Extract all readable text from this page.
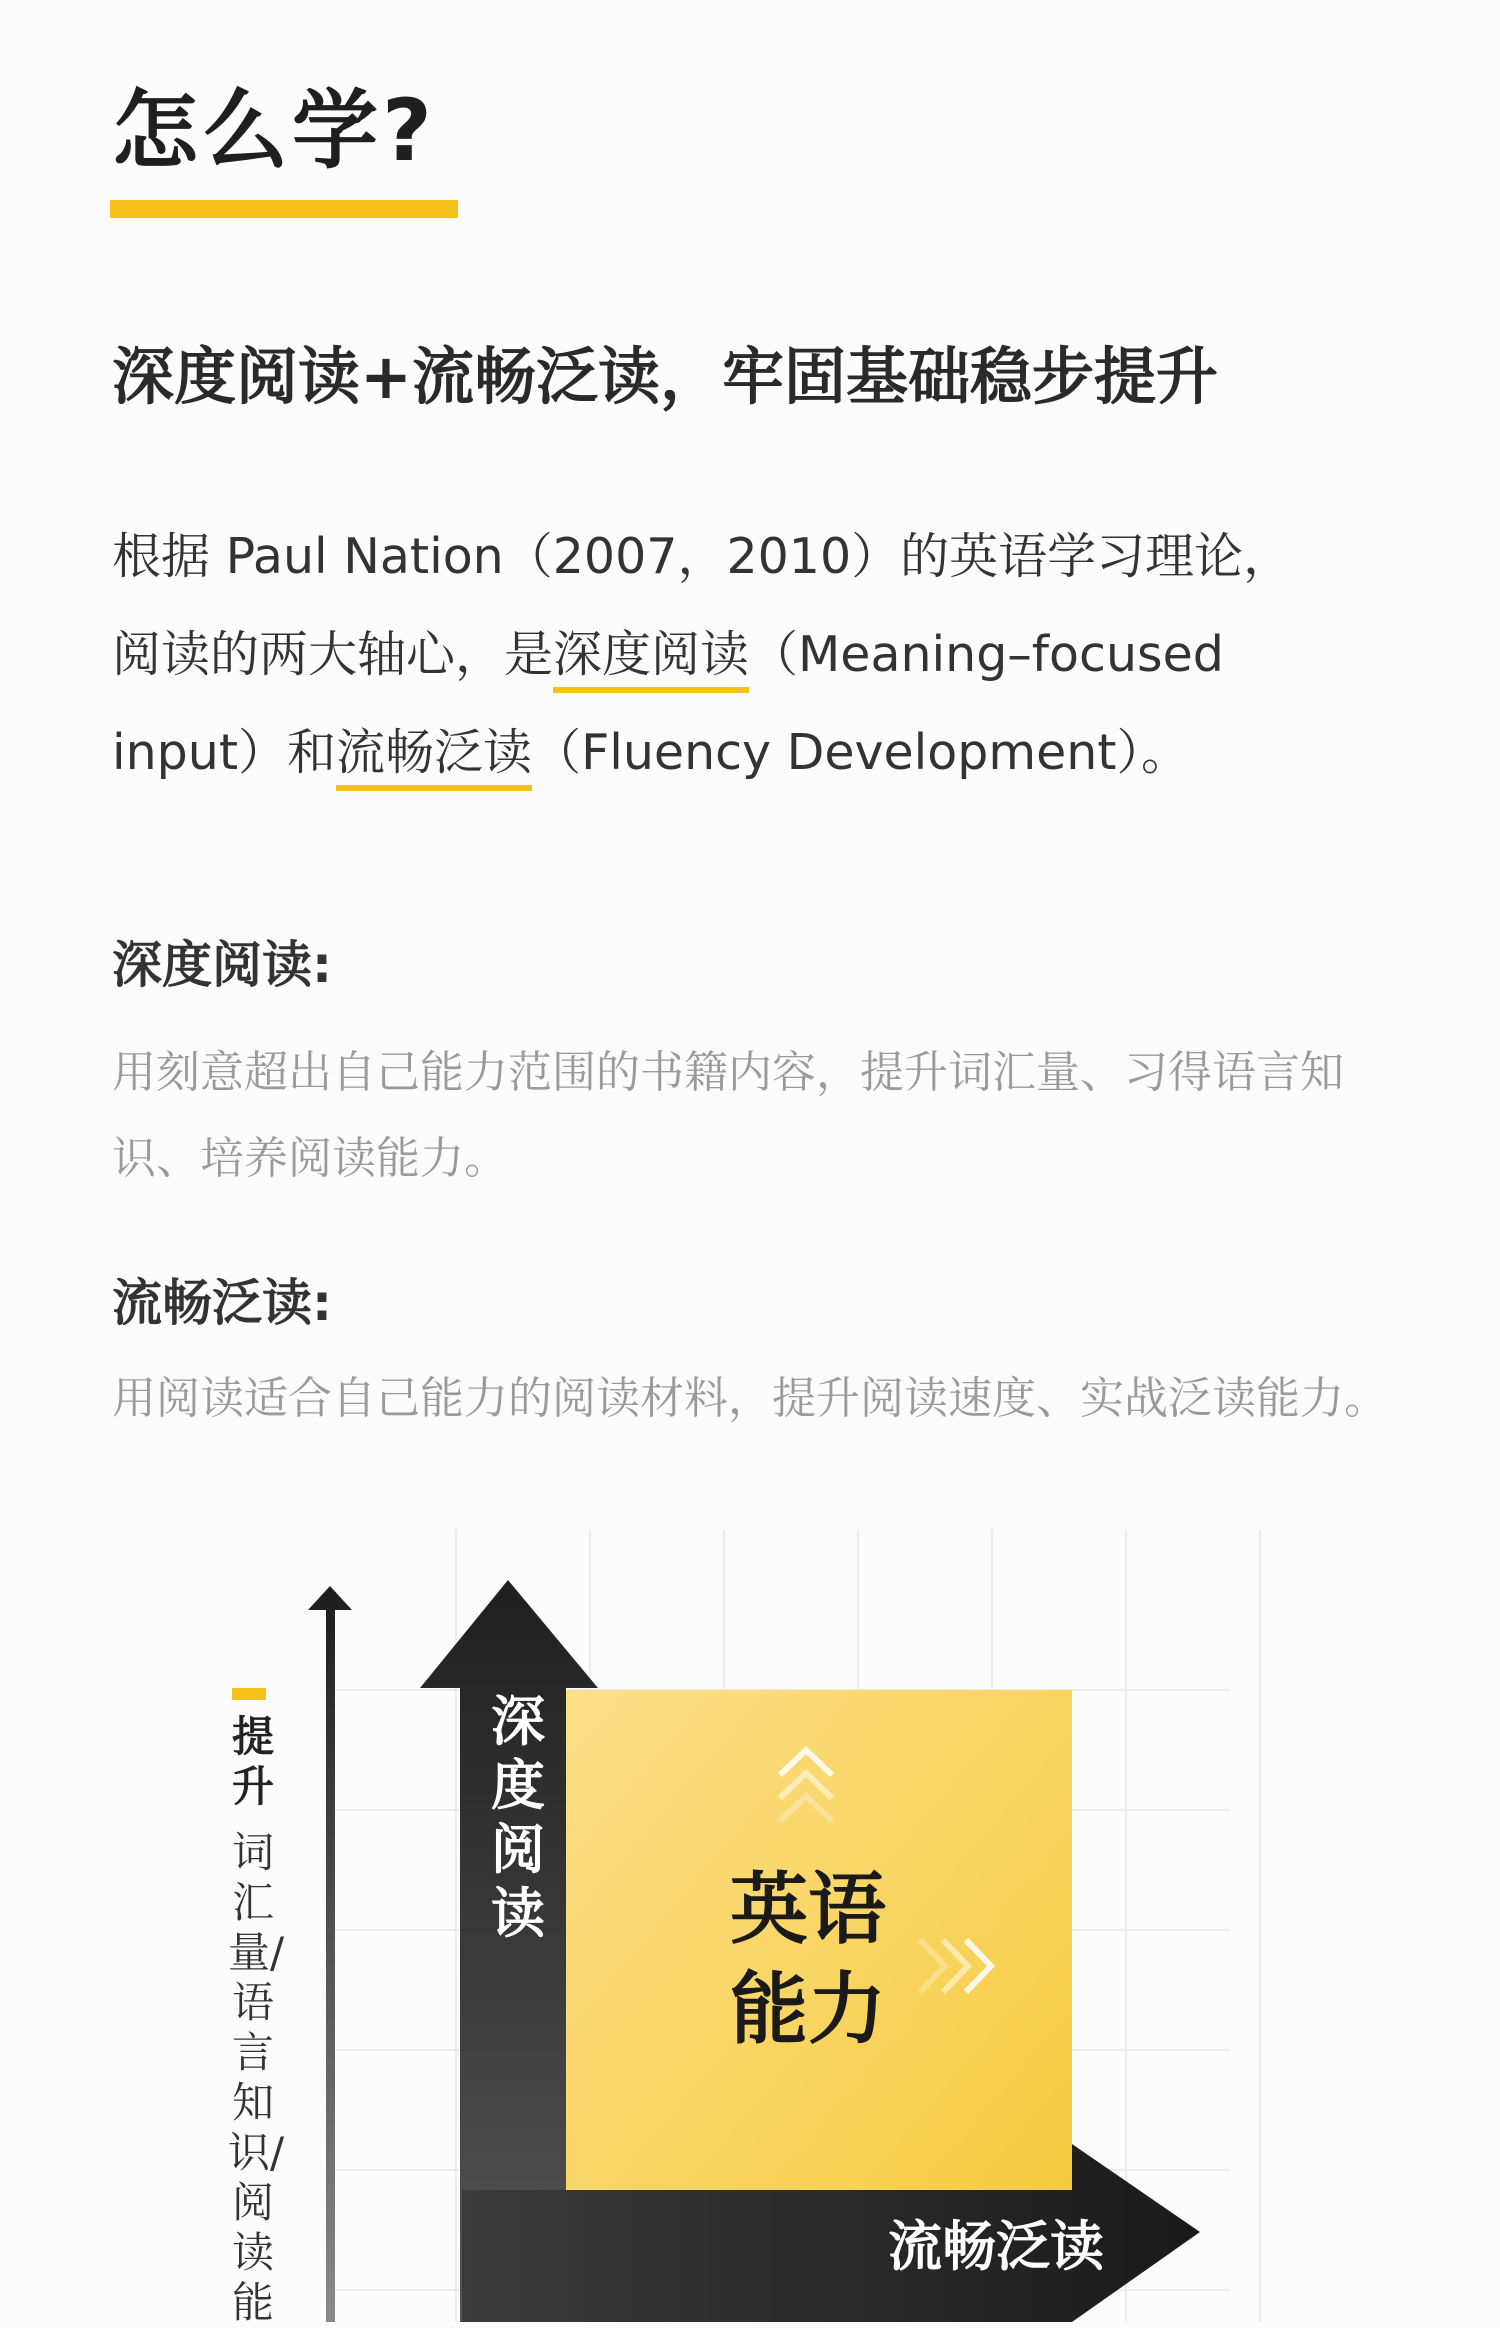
怎么学?
深度阅读+流畅泛读，牢固基础稳步提升

根据 Paul Nation（2007，2010）的英语学习理论，

阅读的两大轴心，是深度阅读（Meaning–focused

input）和流畅泛读（Fluency Development）。

深度阅读:

用刻意超出自己能力范围的书籍内容，提升词汇量、习得语言知

识、培养阅读能力。

流畅泛读:

用阅读适合自己能力的阅读材料，提升阅读速度、实战泛读能力。

提升
词汇量/语言知识/阅读能
深度阅读
流畅泛读
英语
能力
